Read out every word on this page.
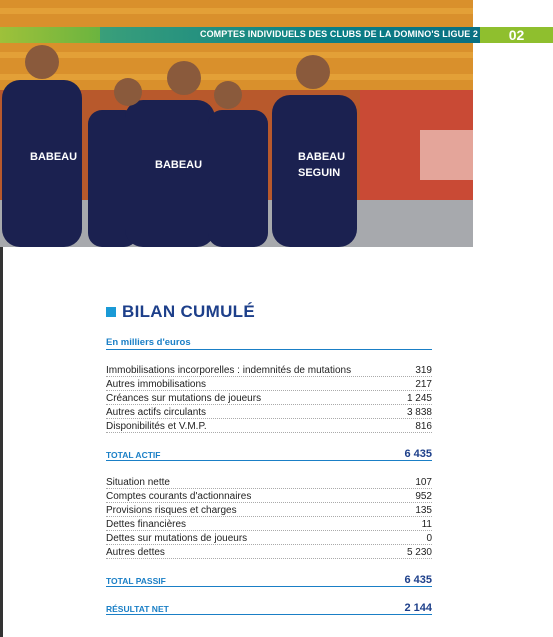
BABEAU
BABEAU
BABEAU
SEGUIN
COMPTES INDIVIDUELS DES CLUBS DE LA DOMINO'S LIGUE 2	02
BILAN CUMULÉ
En milliers d'euros
Immobilisations incorporelles : indemnités de mutations	319
Autres immobilisations	217
Créances sur mutations de joueurs	1 245
Autres actifs circulants	3 838
Disponibilités et V.M.P.	816
TOTAL ACTIF	6 435
Situation nette	107
Comptes courants d'actionnaires	952
Provisions risques et charges	135
Dettes financières	11
Dettes sur mutations de joueurs	0
Autres dettes	5 230
TOTAL PASSIF	6 435
RÉSULTAT NET	2 144
